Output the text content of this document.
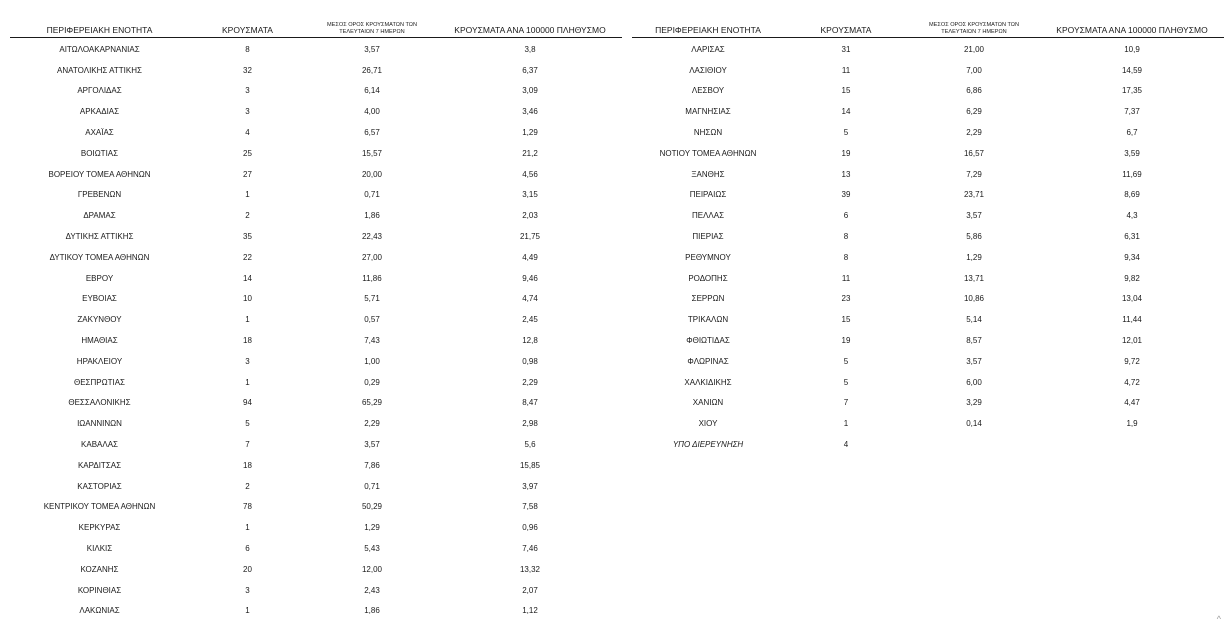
ΠΕΡΙΦΕΡΕΙΑΚΗ ΕΝΟΤΗΤΑ	ΚΡΟΥΣΜΑΤΑ	ΜΕΣΟΣ ΟΡΟΣ ΚΡΟΥΣΜΑΤΩΝ ΤΩΝ
ΤΕΛΕΥΤΑΙΩΝ 7 ΗΜΕΡΩΝ	ΚΡΟΥΣΜΑΤΑ ΑΝΑ 100000 ΠΛΗΘΥΣΜΟ
ΑΙΤΩΛΟΑΚΑΡΝΑΝΙΑΣ	8	3,57	3,8
ΑΝΑΤΟΛΙΚΗΣ ΑΤΤΙΚΗΣ	32	26,71	6,37
ΑΡΓΟΛΙΔΑΣ	3	6,14	3,09
ΑΡΚΑΔΙΑΣ	3	4,00	3,46
ΑΧΑΪΑΣ	4	6,57	1,29
ΒΟΙΩΤΙΑΣ	25	15,57	21,2
ΒΟΡΕΙΟΥ ΤΟΜΕΑ ΑΘΗΝΩΝ	27	20,00	4,56
ΓΡΕΒΕΝΩΝ	1	0,71	3,15
ΔΡΑΜΑΣ	2	1,86	2,03
ΔΥΤΙΚΗΣ ΑΤΤΙΚΗΣ	35	22,43	21,75
ΔΥΤΙΚΟΥ ΤΟΜΕΑ ΑΘΗΝΩΝ	22	27,00	4,49
ΕΒΡΟΥ	14	11,86	9,46
ΕΥΒΟΙΑΣ	10	5,71	4,74
ΖΑΚΥΝΘΟΥ	1	0,57	2,45
ΗΜΑΘΙΑΣ	18	7,43	12,8
ΗΡΑΚΛΕΙΟΥ	3	1,00	0,98
ΘΕΣΠΡΩΤΙΑΣ	1	0,29	2,29
ΘΕΣΣΑΛΟΝΙΚΗΣ	94	65,29	8,47
ΙΩΑΝΝΙΝΩΝ	5	2,29	2,98
ΚΑΒΑΛΑΣ	7	3,57	5,6
ΚΑΡΔΙΤΣΑΣ	18	7,86	15,85
ΚΑΣΤΟΡΙΑΣ	2	0,71	3,97
ΚΕΝΤΡΙΚΟΥ ΤΟΜΕΑ ΑΘΗΝΩΝ	78	50,29	7,58
ΚΕΡΚΥΡΑΣ	1	1,29	0,96
ΚΙΛΚΙΣ	6	5,43	7,46
ΚΟΖΑΝΗΣ	20	12,00	13,32
ΚΟΡΙΝΘΙΑΣ	3	2,43	2,07
ΛΑΚΩΝΙΑΣ	1	1,86	1,12
ΠΕΡΙΦΕΡΕΙΑΚΗ ΕΝΟΤΗΤΑ	ΚΡΟΥΣΜΑΤΑ	ΜΕΣΟΣ ΟΡΟΣ ΚΡΟΥΣΜΑΤΩΝ ΤΩΝ
ΤΕΛΕΥΤΑΙΩΝ 7 ΗΜΕΡΩΝ	ΚΡΟΥΣΜΑΤΑ ΑΝΑ 100000 ΠΛΗΘΥΣΜΟ
ΛΑΡΙΣΑΣ	31	21,00	10,9
ΛΑΣΙΘΙΟΥ	11	7,00	14,59
ΛΕΣΒΟΥ	15	6,86	17,35
ΜΑΓΝΗΣΙΑΣ	14	6,29	7,37
ΝΗΣΩΝ	5	2,29	6,7
ΝΟΤΙΟΥ ΤΟΜΕΑ ΑΘΗΝΩΝ	19	16,57	3,59
ΞΑΝΘΗΣ	13	7,29	11,69
ΠΕΙΡΑΙΩΣ	39	23,71	8,69
ΠΕΛΛΑΣ	6	3,57	4,3
ΠΙΕΡΙΑΣ	8	5,86	6,31
ΡΕΘΥΜΝΟΥ	8	1,29	9,34
ΡΟΔΟΠΗΣ	11	13,71	9,82
ΣΕΡΡΩΝ	23	10,86	13,04
ΤΡΙΚΑΛΩΝ	15	5,14	11,44
ΦΘΙΩΤΙΔΑΣ	19	8,57	12,01
ΦΛΩΡΙΝΑΣ	5	3,57	9,72
ΧΑΛΚΙΔΙΚΗΣ	5	6,00	4,72
ΧΑΝΙΩΝ	7	3,29	4,47
ΧΙΟΥ	1	0,14	1,9
ΥΠΟ ΔΙΕΡΕΥΝΗΣΗ	4		
^
